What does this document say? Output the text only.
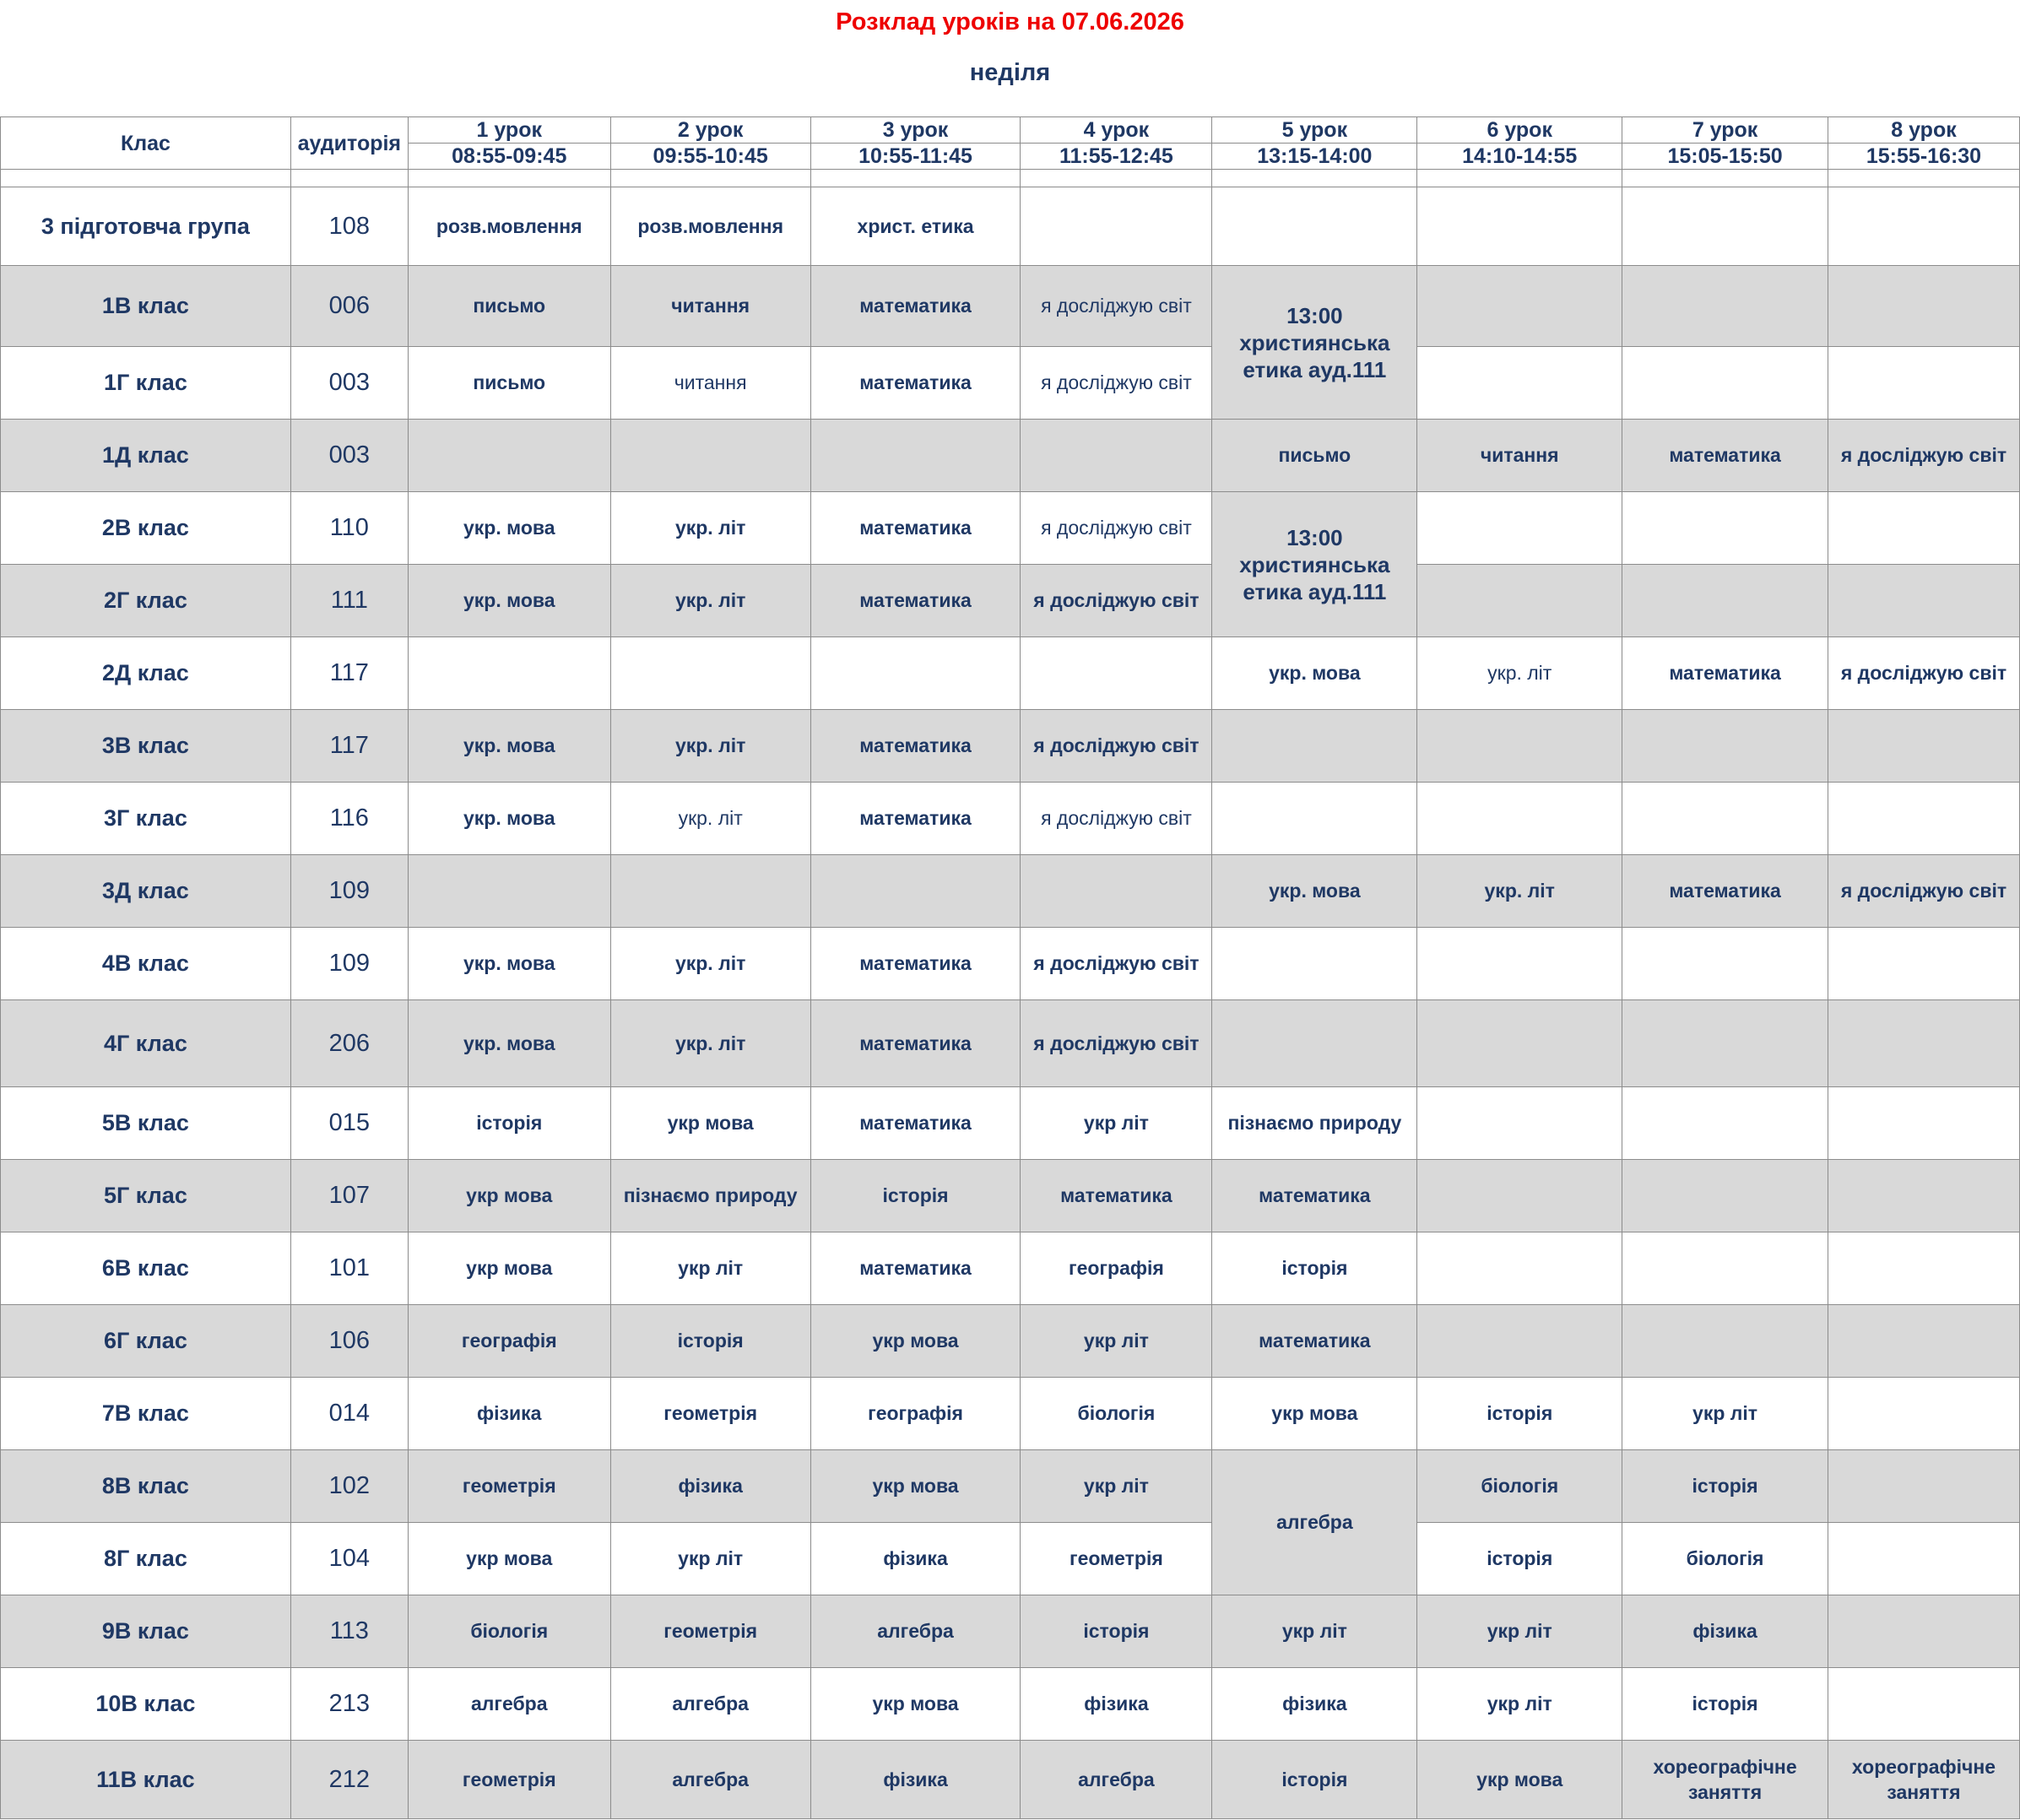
Розклад уроків на 07.06.2026
неділя
Клас	аудиторія	1 урок	2 урок	3 урок	4 урок	5 урок	6 урок	7 урок	8 урок
		08:55-09:45	09:55-10:45	10:55-11:45	11:55-12:45	13:15-14:00	14:10-14:55	15:05-15:50	15:55-16:30

3 підготовча група	108	розв.мовлення	розв.мовлення	христ. етика					
1В клас	006	письмо	читання	математика	я досліджую світ	13:00 християнська етика ауд.111			
1Г клас	003	письмо	читання	математика	я досліджую світ				
1Д клас	003					письмо	читання	математика	я досліджую світ
2В клас	110	укр. мова	укр. літ	математика	я досліджую світ	13:00 християнська етика ауд.111			
2Г клас	111	укр. мова	укр. літ	математика	я досліджую світ				
2Д клас	117					укр. мова	укр. літ	математика	я досліджую світ
3В клас	117	укр. мова	укр. літ	математика	я досліджую світ				
3Г клас	116	укр. мова	укр. літ	математика	я досліджую світ				
3Д клас	109					укр. мова	укр. літ	математика	я досліджую світ
4В клас	109	укр. мова	укр. літ	математика	я досліджую світ				
4Г клас	206	укр. мова	укр. літ	математика	я досліджую світ				
5В клас	015	історія	укр мова	математика	укр літ	пізнаємо природу			
5Г клас	107	укр мова	пізнаємо природу	історія	математика	математика			
6В клас	101	укр мова	укр літ	математика	географія	історія			
6Г клас	106	географія	історія	укр мова	укр літ	математика			
7В клас	014	фізика	геометрія	географія	біологія	укр мова	історія	укр літ	
8В клас	102	геометрія	фізика	укр мова	укр літ	алгебра	біологія	історія	
8Г клас	104	укр мова	укр літ	фізика	геометрія		історія	біологія	
9В клас	113	біологія	геометрія	алгебра	історія	укр літ	укр літ	фізика	
10В клас	213	алгебра	алгебра	укр мова	фізика	фізика	укр літ	історія	
11В клас	212	геометрія	алгебра	фізика	алгебра	історія	укр мова	хореографічне заняття	хореографічне заняття
